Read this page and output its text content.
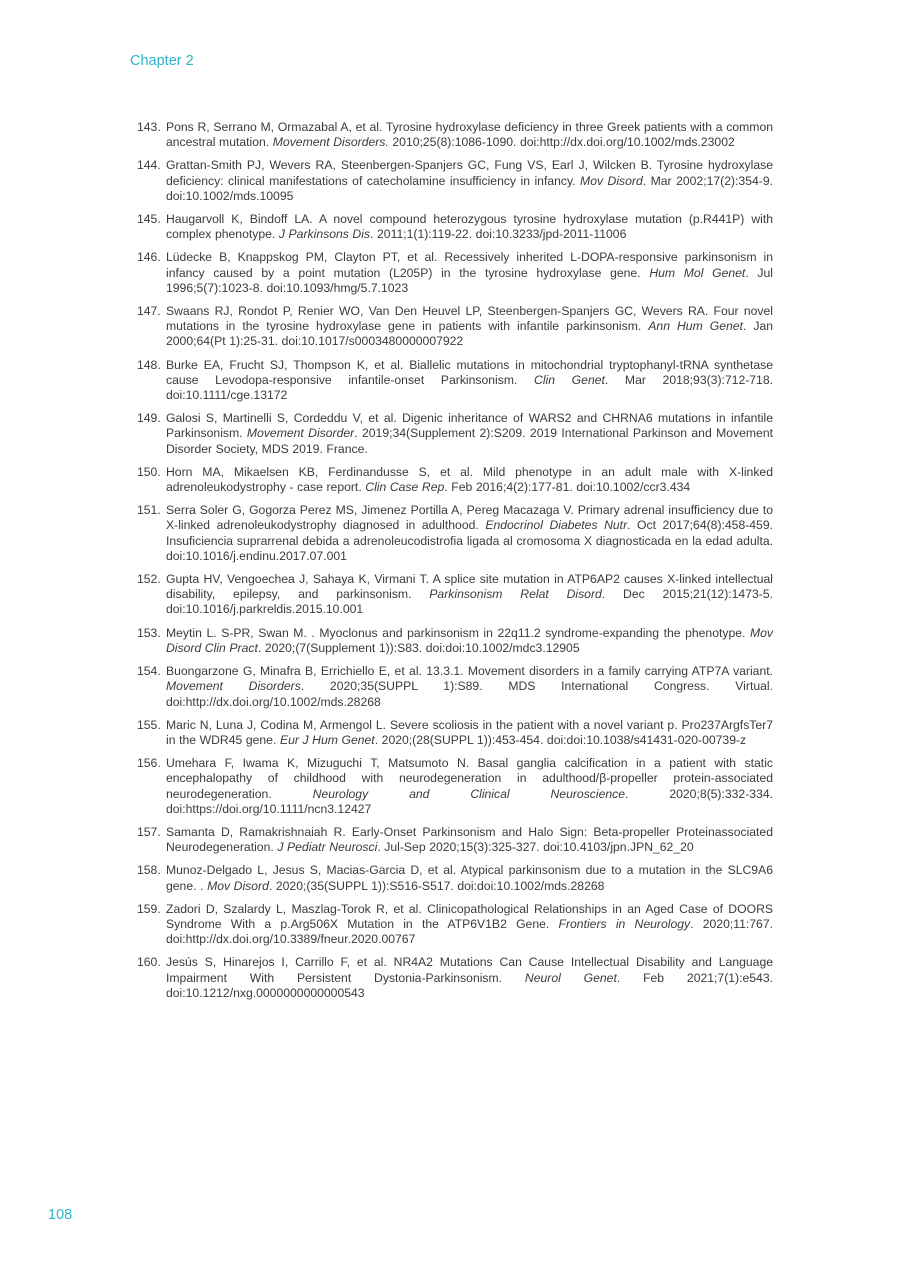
Chapter 2
143. Pons R, Serrano M, Ormazabal A, et al. Tyrosine hydroxylase deficiency in three Greek patients with a common ancestral mutation. Movement Disorders. 2010;25(8):1086-1090. doi:http://dx.doi.org/10.1002/mds.23002
144. Grattan-Smith PJ, Wevers RA, Steenbergen-Spanjers GC, Fung VS, Earl J, Wilcken B. Tyrosine hydroxylase deficiency: clinical manifestations of catecholamine insufficiency in infancy. Mov Disord. Mar 2002;17(2):354-9. doi:10.1002/mds.10095
145. Haugarvoll K, Bindoff LA. A novel compound heterozygous tyrosine hydroxylase mutation (p.R441P) with complex phenotype. J Parkinsons Dis. 2011;1(1):119-22. doi:10.3233/jpd-2011-11006
146. Lüdecke B, Knappskog PM, Clayton PT, et al. Recessively inherited L-DOPA-responsive parkinsonism in infancy caused by a point mutation (L205P) in the tyrosine hydroxylase gene. Hum Mol Genet. Jul 1996;5(7):1023-8. doi:10.1093/hmg/5.7.1023
147. Swaans RJ, Rondot P, Renier WO, Van Den Heuvel LP, Steenbergen-Spanjers GC, Wevers RA. Four novel mutations in the tyrosine hydroxylase gene in patients with infantile parkinsonism. Ann Hum Genet. Jan 2000;64(Pt 1):25-31. doi:10.1017/s0003480000007922
148. Burke EA, Frucht SJ, Thompson K, et al. Biallelic mutations in mitochondrial tryptophanyl-tRNA synthetase cause Levodopa-responsive infantile-onset Parkinsonism. Clin Genet. Mar 2018;93(3):712-718. doi:10.1111/cge.13172
149. Galosi S, Martinelli S, Cordeddu V, et al. Digenic inheritance of WARS2 and CHRNA6 mutations in infantile Parkinsonism. Movement Disorder. 2019;34(Supplement 2):S209. 2019 International Parkinson and Movement Disorder Society, MDS 2019. France.
150. Horn MA, Mikaelsen KB, Ferdinandusse S, et al. Mild phenotype in an adult male with X-linked adrenoleukodystrophy - case report. Clin Case Rep. Feb 2016;4(2):177-81. doi:10.1002/ccr3.434
151. Serra Soler G, Gogorza Perez MS, Jimenez Portilla A, Pereg Macazaga V. Primary adrenal insufficiency due to X-linked adrenoleukodystrophy diagnosed in adulthood. Endocrinol Diabetes Nutr. Oct 2017;64(8):458-459. Insuficiencia suprarrenal debida a adrenoleucodistrofia ligada al cromosoma X diagnosticada en la edad adulta. doi:10.1016/j.endinu.2017.07.001
152. Gupta HV, Vengoechea J, Sahaya K, Virmani T. A splice site mutation in ATP6AP2 causes X-linked intellectual disability, epilepsy, and parkinsonism. Parkinsonism Relat Disord. Dec 2015;21(12):1473-5. doi:10.1016/j.parkreldis.2015.10.001
153. Meytin L. S-PR, Swan M. . Myoclonus and parkinsonism in 22q11.2 syndrome-expanding the phenotype. Mov Disord Clin Pract. 2020;(7(Supplement 1)):S83. doi:doi:10.1002/mdc3.12905
154. Buongarzone G, Minafra B, Errichiello E, et al. 13.3.1. Movement disorders in a family carrying ATP7A variant. Movement Disorders. 2020;35(SUPPL 1):S89. MDS International Congress. Virtual. doi:http://dx.doi.org/10.1002/mds.28268
155. Maric N, Luna J, Codina M, Armengol L. Severe scoliosis in the patient with a novel variant p. Pro237ArgfsTer7 in the WDR45 gene. Eur J Hum Genet. 2020;(28(SUPPL 1)):453-454. doi:doi:10.1038/s41431-020-00739-z
156. Umehara F, Iwama K, Mizuguchi T, Matsumoto N. Basal ganglia calcification in a patient with static encephalopathy of childhood with neurodegeneration in adulthood/β-propeller protein-associated neurodegeneration. Neurology and Clinical Neuroscience. 2020;8(5):332-334. doi:https://doi.org/10.1111/ncn3.12427
157. Samanta D, Ramakrishnaiah R. Early-Onset Parkinsonism and Halo Sign: Beta-propeller Proteinassociated Neurodegeneration. J Pediatr Neurosci. Jul-Sep 2020;15(3):325-327. doi:10.4103/jpn.JPN_62_20
158. Munoz-Delgado L, Jesus S, Macias-Garcia D, et al. Atypical parkinsonism due to a mutation in the SLC9A6 gene. . Mov Disord. 2020;(35(SUPPL 1)):S516-S517. doi:doi:10.1002/mds.28268
159. Zadori D, Szalardy L, Maszlag-Torok R, et al. Clinicopathological Relationships in an Aged Case of DOORS Syndrome With a p.Arg506X Mutation in the ATP6V1B2 Gene. Frontiers in Neurology. 2020;11:767. doi:http://dx.doi.org/10.3389/fneur.2020.00767
160. Jesús S, Hinarejos I, Carrillo F, et al. NR4A2 Mutations Can Cause Intellectual Disability and Language Impairment With Persistent Dystonia-Parkinsonism. Neurol Genet. Feb 2021;7(1):e543. doi:10.1212/nxg.0000000000000543
108
